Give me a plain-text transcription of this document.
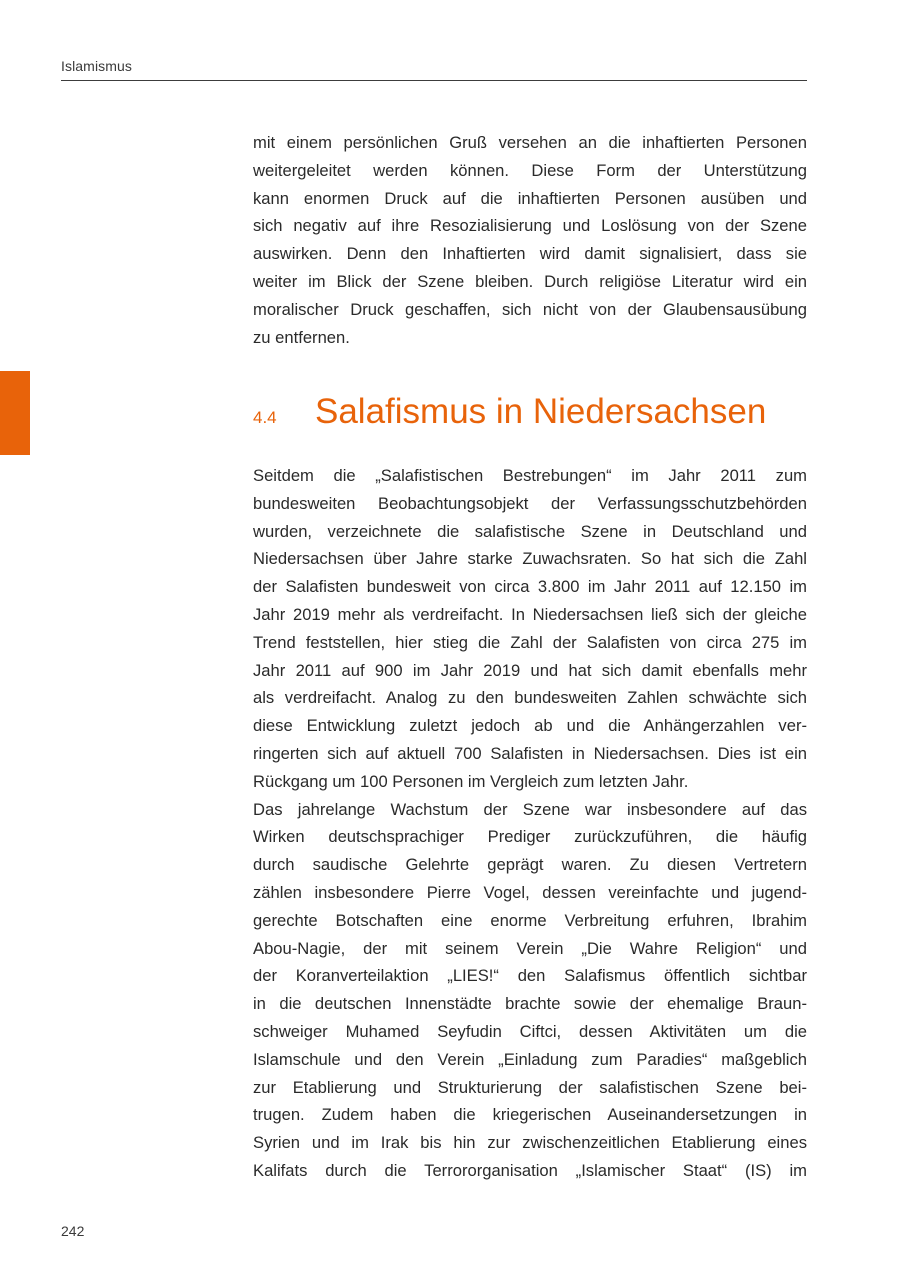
Islamismus
mit einem persönlichen Gruß versehen an die inhaftierten Personen
weitergeleitet werden können. Diese Form der Unterstützung
kann enormen Druck auf die inhaftierten Personen ausüben und
sich negativ auf ihre Resozialisierung und Loslösung von der Szene
auswirken. Denn den Inhaftierten wird damit signalisiert, dass sie
weiter im Blick der Szene bleiben. Durch religiöse Literatur wird ein
moralischer Druck geschaffen, sich nicht von der Glaubensausübung
zu entfernen.
4.4 Salafismus in Niedersachsen
Seitdem die „Salafistischen Bestrebungen“ im Jahr 2011 zum
bundesweiten Beobachtungsobjekt der Verfassungsschutzbehörden
wurden, verzeichnete die salafistische Szene in Deutschland und
Niedersachsen über Jahre starke Zuwachsraten. So hat sich die Zahl
der Salafisten bundesweit von circa 3.800 im Jahr 2011 auf 12.150 im
Jahr 2019 mehr als verdreifacht. In Niedersachsen ließ sich der gleiche
Trend feststellen, hier stieg die Zahl der Salafisten von circa 275 im
Jahr 2011 auf 900 im Jahr 2019 und hat sich damit ebenfalls mehr
als verdreifacht. Analog zu den bundesweiten Zahlen schwächte sich
diese Entwicklung zuletzt jedoch ab und die Anhängerzahlen ver-
ringerten sich auf aktuell 700 Salafisten in Niedersachsen. Dies ist ein
Rückgang um 100 Personen im Vergleich zum letzten Jahr.
Das jahrelange Wachstum der Szene war insbesondere auf das
Wirken deutschsprachiger Prediger zurückzuführen, die häufig
durch saudische Gelehrte geprägt waren. Zu diesen Vertretern
zählen insbesondere Pierre Vogel, dessen vereinfachte und jugend-
gerechte Botschaften eine enorme Verbreitung erfuhren, Ibrahim
Abou-Nagie, der mit seinem Verein „Die Wahre Religion“ und
der Koranverteilaktion „LIES!“ den Salafismus öffentlich sichtbar
in die deutschen Innenstädte brachte sowie der ehemalige Braun-
schweiger Muhamed Seyfudin Ciftci, dessen Aktivitäten um die
Islamschule und den Verein „Einladung zum Paradies“ maßgeblich
zur Etablierung und Strukturierung der salafistischen Szene bei-
trugen. Zudem haben die kriegerischen Auseinandersetzungen in
Syrien und im Irak bis hin zur zwischenzeitlichen Etablierung eines
Kalifats durch die Terrororganisation „Islamischer Staat“ (IS) im
242
